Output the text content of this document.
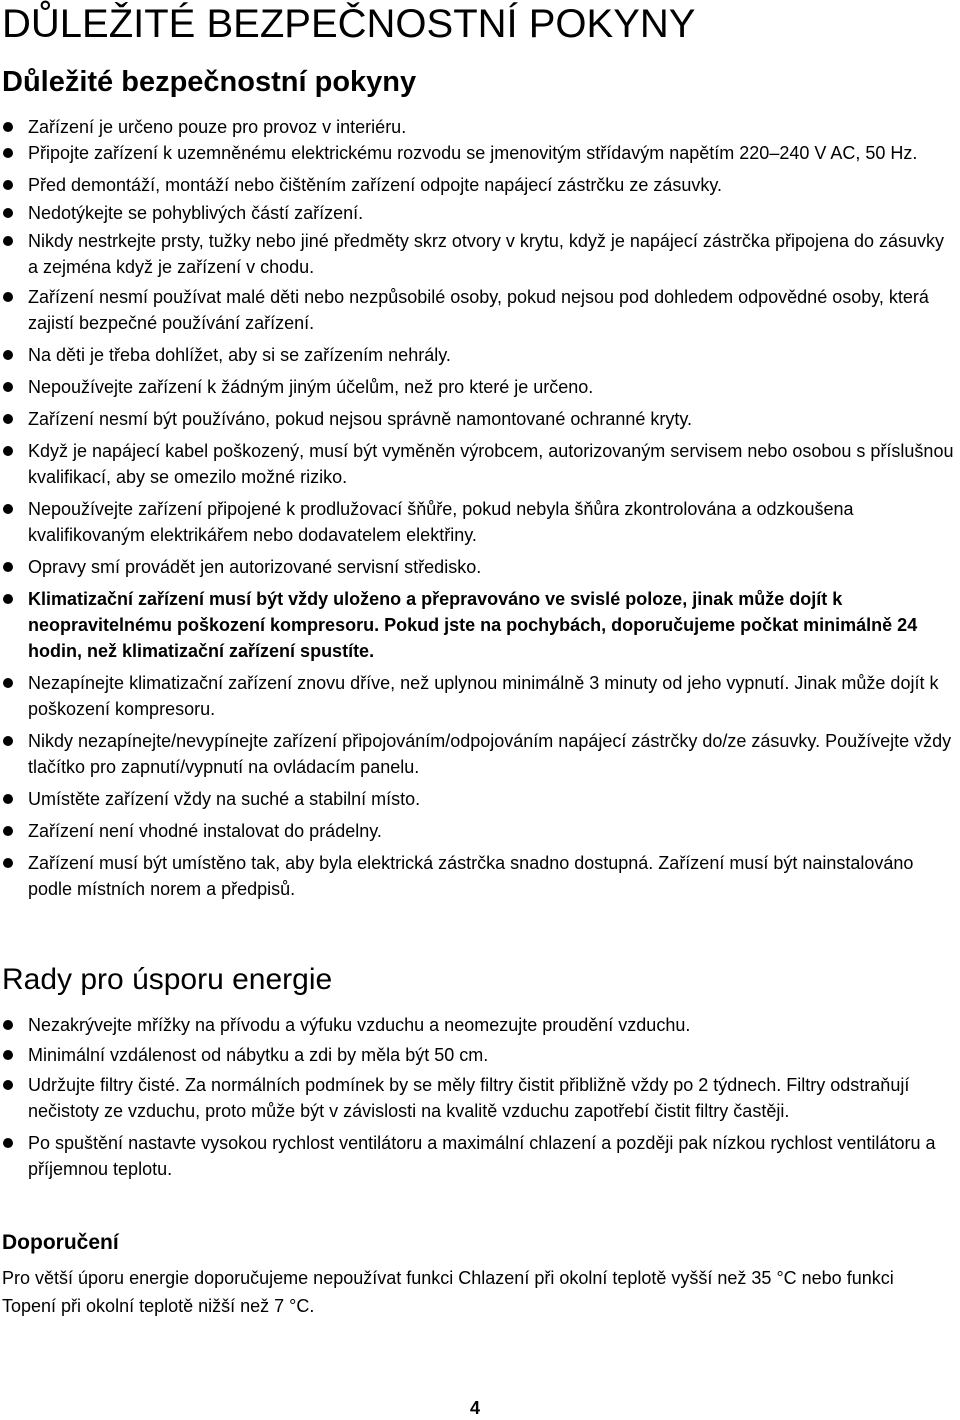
DŮLEŽITÉ BEZPEČNOSTNÍ POKYNY
Důležité bezpečnostní pokyny
Zařízení je určeno pouze pro provoz v interiéru.
Připojte zařízení k uzemněnému elektrickému rozvodu se jmenovitým střídavým napětím 220–240 V AC, 50 Hz.
Před demontáží, montáží nebo čištěním zařízení odpojte napájecí zástrčku ze zásuvky.
Nedotýkejte se pohyblivých částí zařízení.
Nikdy nestrkejte prsty, tužky nebo jiné předměty skrz otvory v krytu, když je napájecí zástrčka připojena do zásuvky a zejména když je zařízení v chodu.
Zařízení nesmí používat malé děti nebo nezpůsobilé osoby, pokud nejsou pod dohledem odpovědné osoby, která zajistí bezpečné používání zařízení.
Na děti je třeba dohlížet, aby si se zařízením nehrály.
Nepoužívejte zařízení k žádným jiným účelům, než pro které je určeno.
Zařízení nesmí být používáno, pokud nejsou správně namontované ochranné kryty.
Když je napájecí kabel poškozený, musí být vyměněn výrobcem, autorizovaným servisem nebo osobou s příslušnou kvalifikací, aby se omezilo možné riziko.
Nepoužívejte zařízení připojené k prodlužovací šňůře, pokud nebyla šňůra zkontrolována a odzkoušena kvalifikovaným elektrikářem nebo dodavatelem elektřiny.
Opravy smí provádět jen autorizované servisní středisko.
Klimatizační zařízení musí být vždy uloženo a přepravováno ve svislé poloze, jinak může dojít k neopravitelnému poškození kompresoru. Pokud jste na pochybách, doporučujeme počkat minimálně 24 hodin, než klimatizační zařízení spustíte.
Nezapínejte klimatizační zařízení znovu dříve, než uplynou minimálně 3 minuty od jeho vypnutí. Jinak může dojít k poškození kompresoru.
Nikdy nezapínejte/nevypínejte zařízení připojováním/odpojováním napájecí zástrčky do/ze zásuvky. Používejte vždy tlačítko pro zapnutí/vypnutí na ovládacím panelu.
Umístěte zařízení vždy na suché a stabilní místo.
Zařízení není vhodné instalovat do prádelny.
Zařízení musí být umístěno tak, aby byla elektrická zástrčka snadno dostupná. Zařízení musí být nainstalováno podle místních norem a předpisů.
Rady pro úsporu energie
Nezakrývejte mřížky na přívodu a výfuku vzduchu a neomezujte proudění vzduchu.
Minimální vzdálenost od nábytku a zdi by měla být 50 cm.
Udržujte filtry čisté. Za normálních podmínek by se měly filtry čistit přibližně vždy po 2 týdnech. Filtry odstraňují nečistoty ze vzduchu, proto může být v závislosti na kvalitě vzduchu zapotřebí čistit filtry častěji.
Po spuštění nastavte vysokou rychlost ventilátoru a maximální chlazení a později pak nízkou rychlost ventilátoru a příjemnou teplotu.
Doporučení

Pro větší úporu energie doporučujeme nepoužívat funkci Chlazení při okolní teplotě vyšší než 35 °C nebo funkci Topení při okolní teplotě nižší než 7 °C.

4
